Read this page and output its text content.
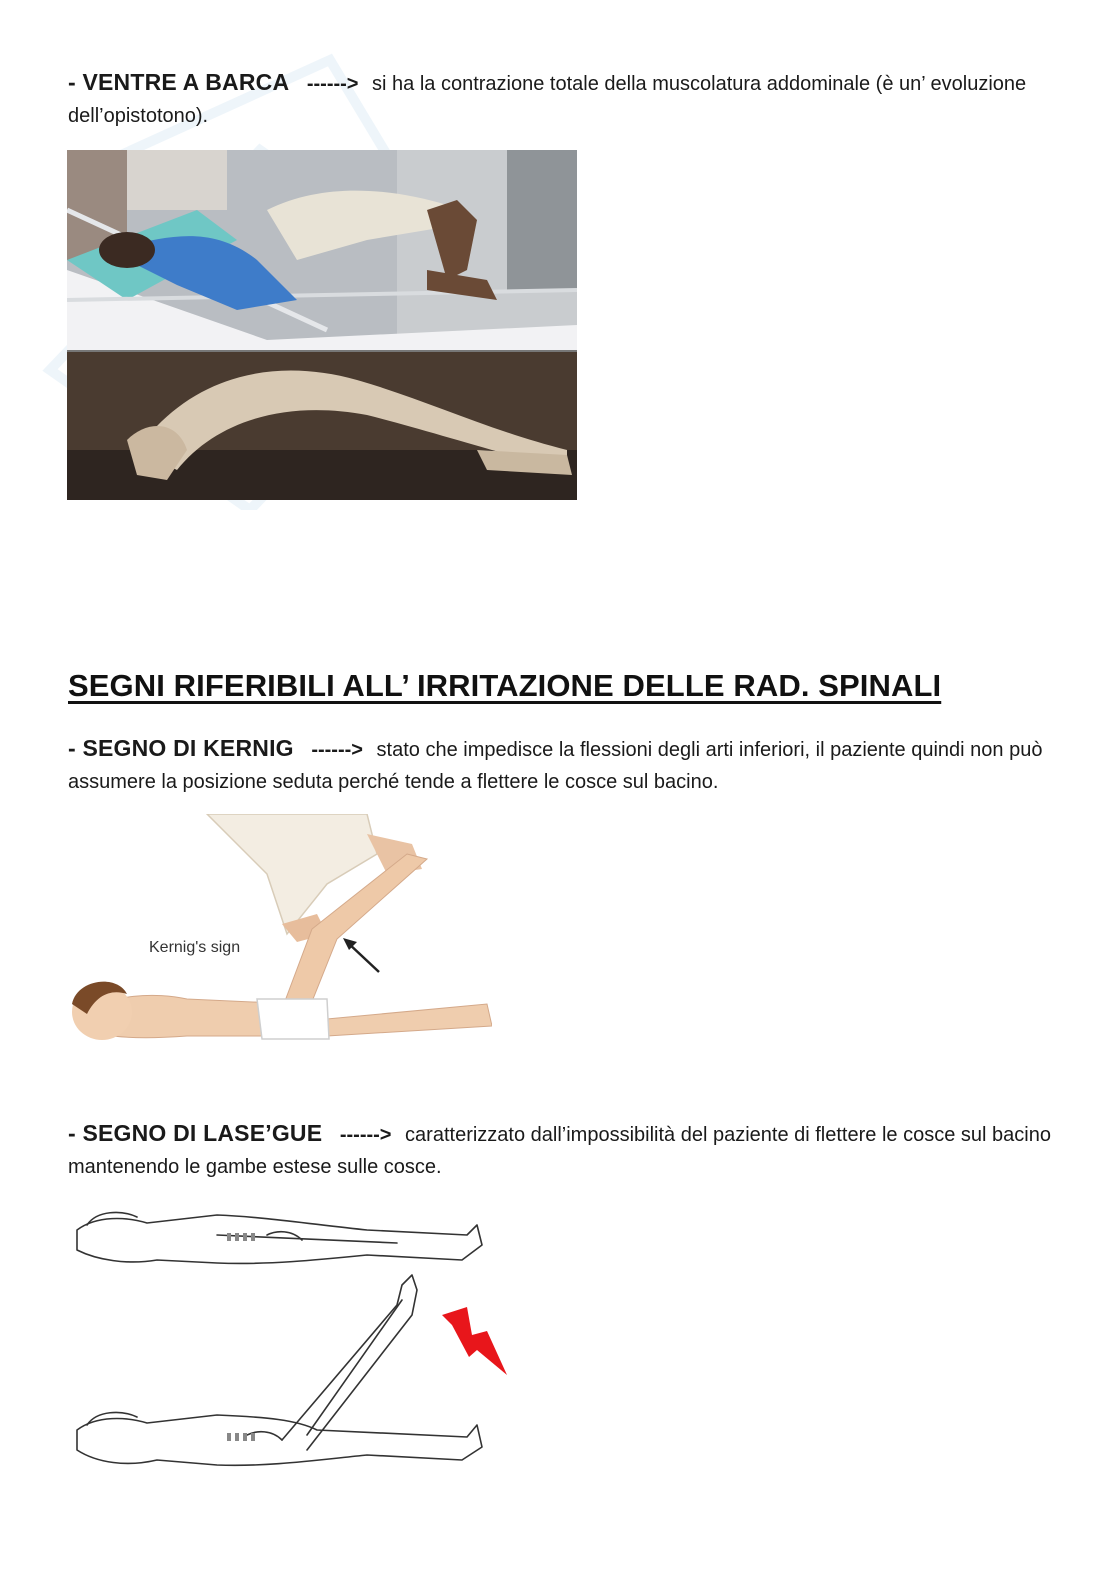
- VENTRE A BARCA ------> si ha la contrazione totale della muscolatura addominale (è un’ evoluzione dell’opistotono).

SEGNI RIFERIBILI ALL’ IRRITAZIONE DELLE RAD. SPINALI

- SEGNO DI KERNIG ------> stato che impedisce la flessioni degli arti inferiori, il paziente quindi non può assumere la posizione seduta perché tende a flettere le cosce sul bacino.

Kernig's sign

- SEGNO DI LASE’GUE ------> caratterizzato dall’impossibilità del paziente di flettere le cosce sul bacino mantenendo le gambe estese sulle cosce.
